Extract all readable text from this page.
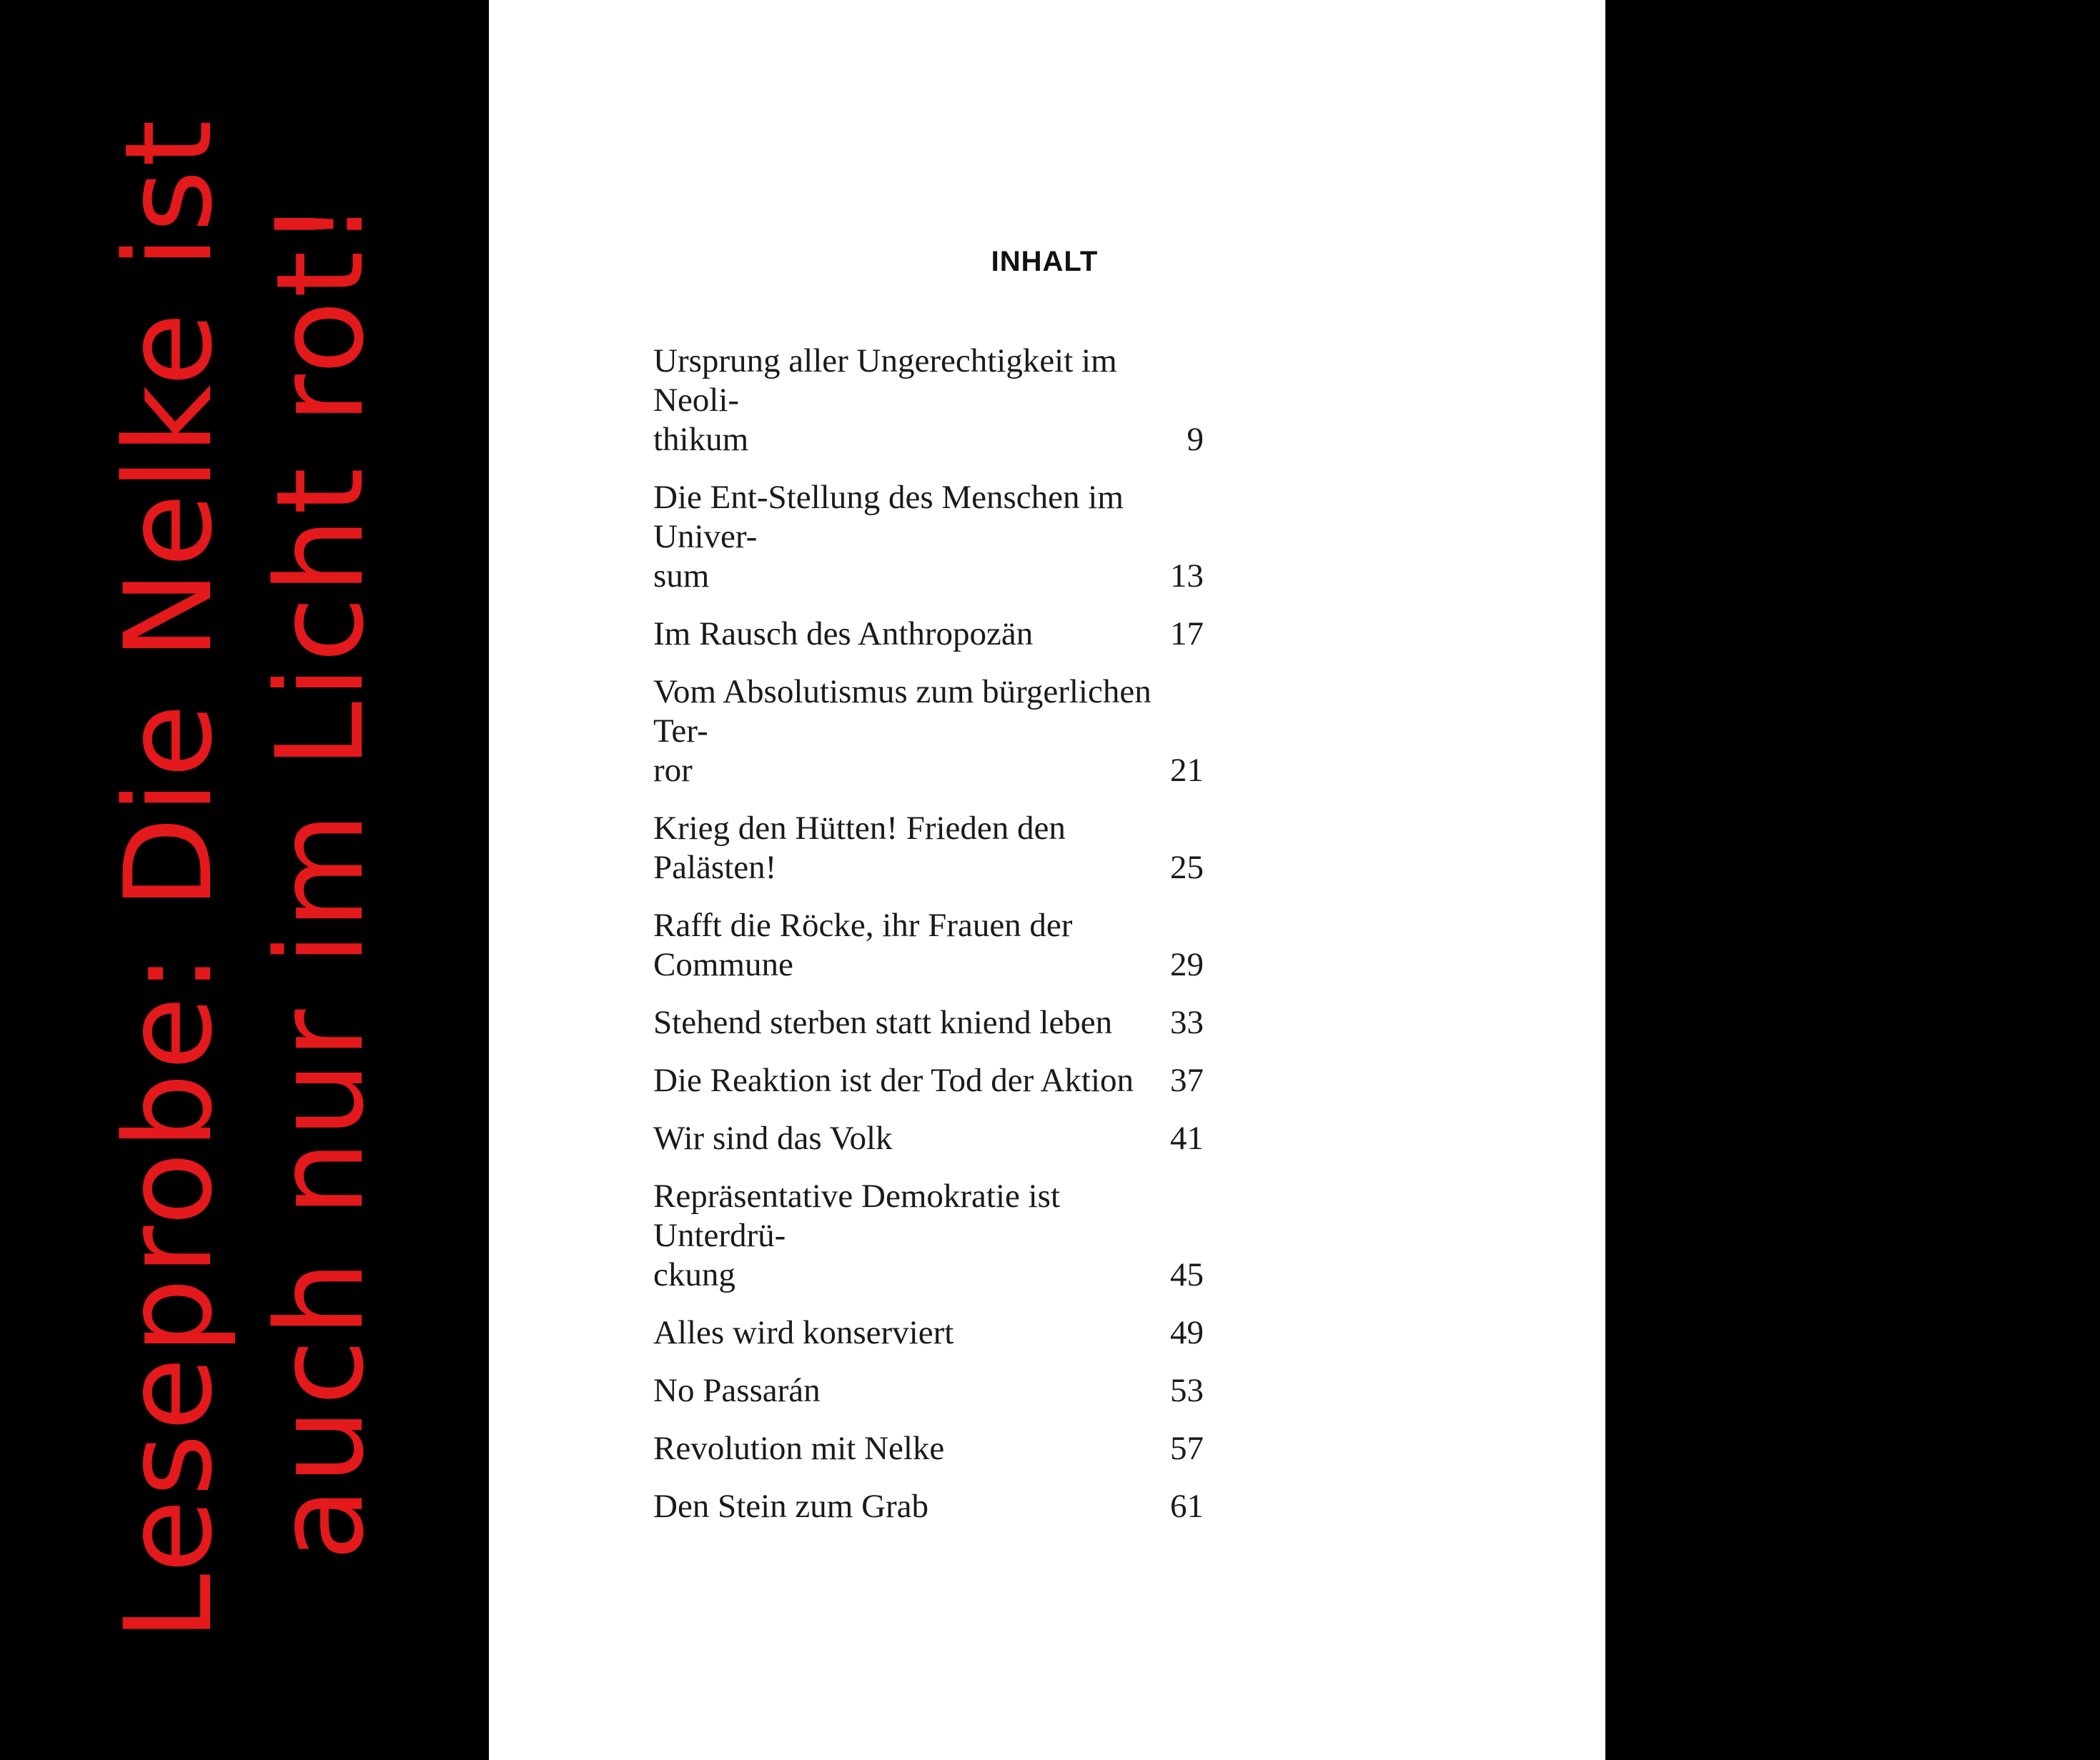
Leseprobe: Die Nelke ist auch nur im Licht rot!	INHALT
Ursprung aller Ungerechtigkeit im Neoli-
thikum	9
Die Ent-Stellung des Menschen im Univer-
sum	13
Im Rausch des Anthropozän	17
Vom Absolutismus zum bürgerlichen Ter-
ror	21
Krieg den Hütten! Frieden den Palästen!	25
Rafft die Röcke, ihr Frauen der Commune	29
Stehend sterben statt kniend leben	33
Die Reaktion ist der Tod der Aktion	37
Wir sind das Volk	41
Repräsentative Demokratie ist Unterdrü-
ckung	45
Alles wird konserviert	49
No Passarán	53
Revolution mit Nelke	57
Den Stein zum Grab	61
